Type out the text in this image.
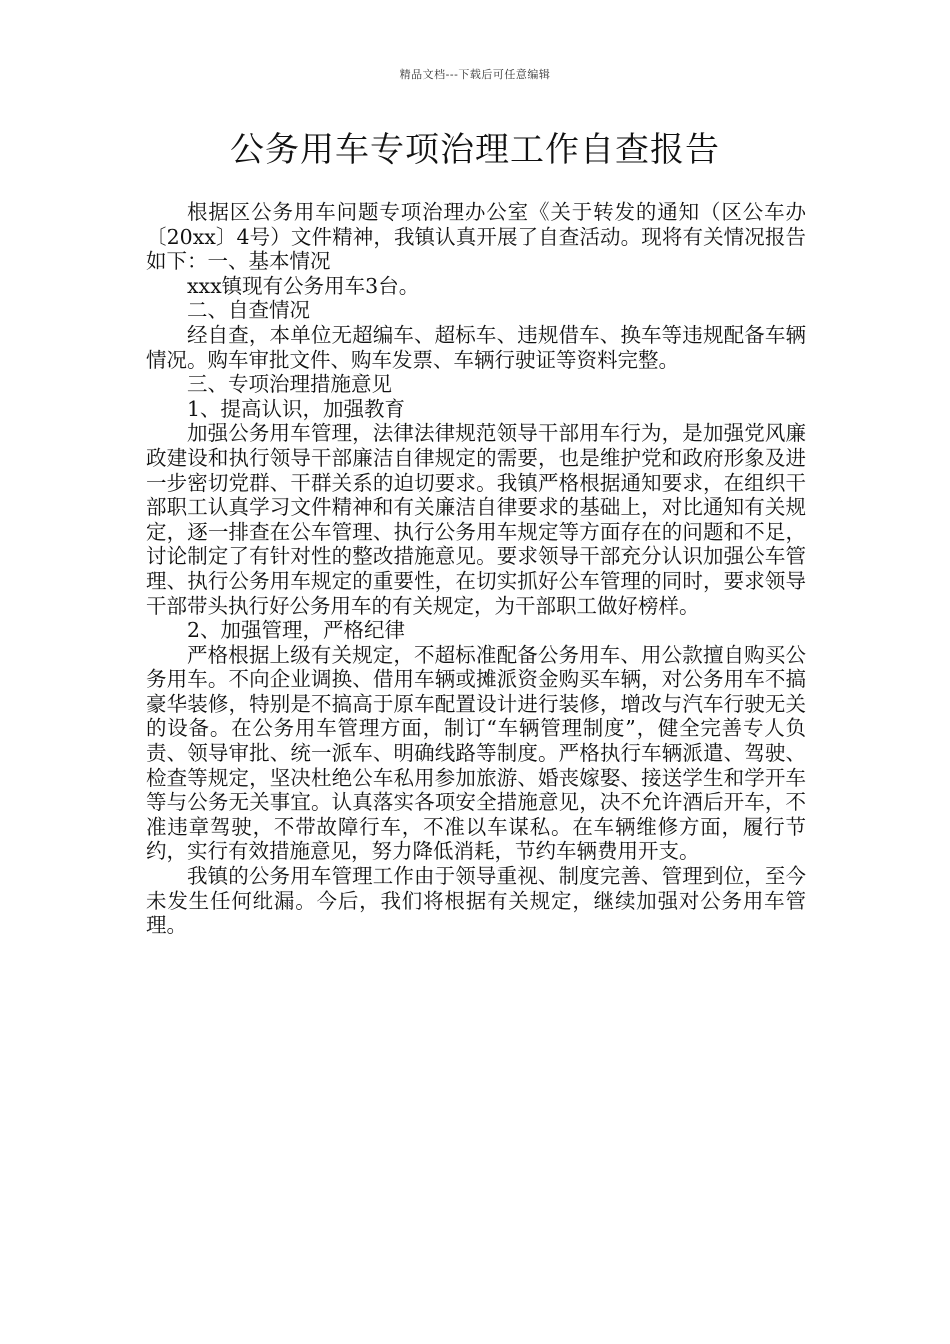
精品文档---下载后可任意编辑
公务用车专项治理工作自查报告

根据区公务用车问题专项治理办公室《关于转发的通知（区公车办〔20xx〕4号）文件精神，我镇认真开展了自查活动。现将有关情况报告如下：一、基本情况

xxx镇现有公务用车3台。

二、自查情况

经自查，本单位无超编车、超标车、违规借车、换车等违规配备车辆情况。购车审批文件、购车发票、车辆行驶证等资料完整。

三、专项治理措施意见

1、提高认识，加强教育

加强公务用车管理，法律法律规范领导干部用车行为，是加强党风廉政建设和执行领导干部廉洁自律规定的需要，也是维护党和政府形象及进一步密切党群、干群关系的迫切要求。我镇严格根据通知要求，在组织干部职工认真学习文件精神和有关廉洁自律要求的基础上，对比通知有关规定，逐一排查在公车管理、执行公务用车规定等方面存在的问题和不足，讨论制定了有针对性的整改措施意见。要求领导干部充分认识加强公车管理、执行公务用车规定的重要性，在切实抓好公车管理的同时，要求领导干部带头执行好公务用车的有关规定，为干部职工做好榜样。

2、加强管理，严格纪律

严格根据上级有关规定，不超标准配备公务用车、用公款擅自购买公务用车。不向企业调换、借用车辆或摊派资金购买车辆，对公务用车不搞豪华装修，特别是不搞高于原车配置设计进行装修，增改与汽车行驶无关的设备。在公务用车管理方面，制订“车辆管理制度”，健全完善专人负责、领导审批、统一派车、明确线路等制度。严格执行车辆派遣、驾驶、检查等规定，坚决杜绝公车私用参加旅游、婚丧嫁娶、接送学生和学开车等与公务无关事宜。认真落实各项安全措施意见，决不允许酒后开车，不准违章驾驶，不带故障行车，不准以车谋私。在车辆维修方面，履行节约，实行有效措施意见，努力降低消耗，节约车辆费用开支。

我镇的公务用车管理工作由于领导重视、制度完善、管理到位，至今未发生任何纰漏。今后，我们将根据有关规定，继续加强对公务用车管理。
